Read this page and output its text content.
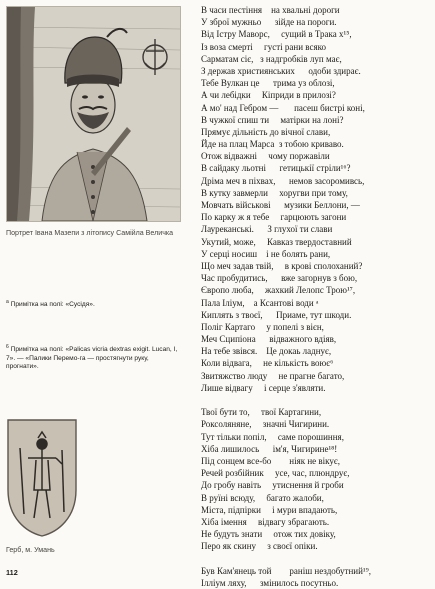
Портрет Івана Мазепи з літопису Самійла Величка
$^a$ Примітка на полі: «Сусідя».
$^6$ Примітка на полі: «Palicas vicria dextras exigit. Lucan, I, 7». — «Палики Перемо-га — простягнути руку, прогнати».
Герб, м. Умань
В часи пестіння    на хвальні дороги
У зброї мужньо      зійде на пороги.
Від Істру Маворс,     сущий в Трака х¹⁵,
Із воза смерті     густі рани всяко
Сарматам сіє,   з надгробків луп має,
З держав християнських      одоби здирає.
Тебе Вулкан це      трима уз облозі,
А чи лебідки     Кіприди в прилозі?
А мо' над Гебром —       пасеш бистрі коні,
В чужкої спиш ти     матірки на лоні?
Прямує дільність до вічної слави,
Йде на плац Марса  з тобою криваво.
Отож відважні     чому поржавіли
В сайдаку льотні      гетицькії стріли¹⁶?
Дріма меч в піхвах,      немов засоромивсь,
В кутку завмерли     хоругви при тому,
Мовчать військові      музики Беллони, —
По карку ж я тебе     гарцюють загони
Лауреканські.      З глухої ти слави
Укутий, може,     Кавказ твердоставний
У серці носиш    і не болять рани,
Що меч задав твій,     в крові сполоханий?
Час пробудитись,      вже загорнув з бою,
Європо люба,     жахкий Лелопс Трою¹⁷,
Пала Іліум,    а Ксантові води ᵃ
Киплять з твоєї,      Приаме, тут шкоди.
Поліг Картаго     у попелі з вієн,
Меч Сципіона      відважного вдіяв,
На тебе звівся.    Це докаь ладнує,
Коли відвага,     не кількість воює⁶
Звитяжство люду     не прагне багато,
Лише відвагу     і серце з'являти.
Твої бути то,     твої Картагини,
Роксоляняне,     значні Чигирини.
Тут тільки попіл,     саме порошиння,
Хіба лишилось      ім'я, Чигирине¹⁸!
Під сонцем все-бо        ніяк не вікує,
Речей розбійник     усе, час, плюндрує,
До гробу навіть     утиснення й гроби
В руїні всюду,     багато жалоби,
Міста, підпірки     і мури впадають,
Хіба імення     відвагу збрагають.
Не будуть знати     отож тих довіку,
Перо як скину     з своєї опіки.
Був Кам'янець той        раніш нездобутний¹⁹,
Ілліум ляху,      змінилось посутньо.
112
